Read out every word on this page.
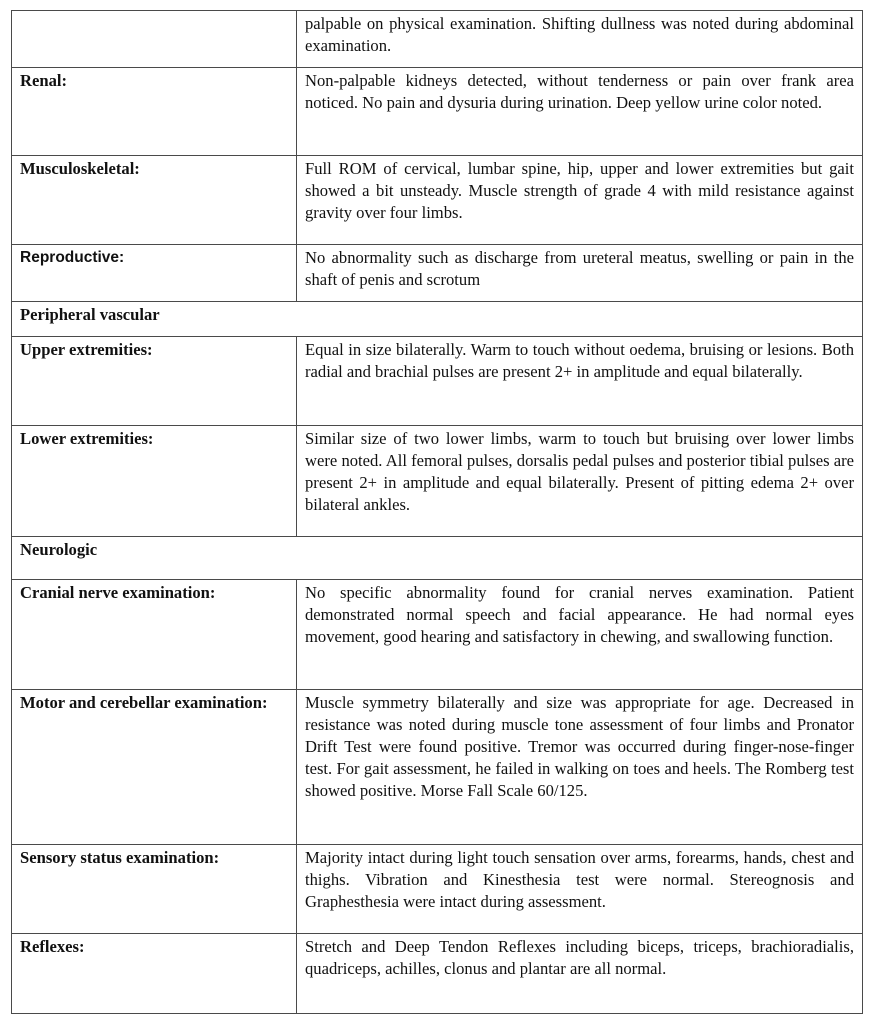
	palpable on physical examination. Shifting dullness was noted during abdominal examination.
Renal:	Non-palpable kidneys detected, without tenderness or pain over frank area noticed. No pain and dysuria during urination. Deep yellow urine color noted.
Musculoskeletal:	Full ROM of cervical, lumbar spine, hip, upper and lower extremities but gait showed a bit unsteady. Muscle strength of grade 4 with mild resistance against gravity over four limbs.
Reproductive:	No abnormality such as discharge from ureteral meatus, swelling or pain in the shaft of penis and scrotum
Peripheral vascular	
Upper extremities:	Equal in size bilaterally. Warm to touch without oedema, bruising or lesions. Both radial and brachial pulses are present 2+ in amplitude and equal bilaterally.
Lower extremities:	Similar size of two lower limbs, warm to touch but bruising over lower limbs were noted. All femoral pulses, dorsalis pedal pulses and posterior tibial pulses are present 2+ in amplitude and equal bilaterally. Present of pitting edema 2+ over bilateral ankles.
Neurologic	
Cranial nerve examination:	No specific abnormality found for cranial nerves examination. Patient demonstrated normal speech and facial appearance. He had normal eyes movement, good hearing and satisfactory in chewing, and swallowing function.
Motor and cerebellar examination:	Muscle symmetry bilaterally and size was appropriate for age. Decreased in resistance was noted during muscle tone assessment of four limbs and Pronator Drift Test were found positive. Tremor was occurred during finger-nose-finger test. For gait assessment, he failed in walking on toes and heels. The Romberg test showed positive. Morse Fall Scale 60/125.
Sensory status examination:	Majority intact during light touch sensation over arms, forearms, hands, chest and thighs. Vibration and Kinesthesia test were normal. Stereognosis and Graphesthesia were intact during assessment.
Reflexes:	Stretch and Deep Tendon Reflexes including biceps, triceps, brachioradialis, quadriceps, achilles, clonus and plantar are all normal.
